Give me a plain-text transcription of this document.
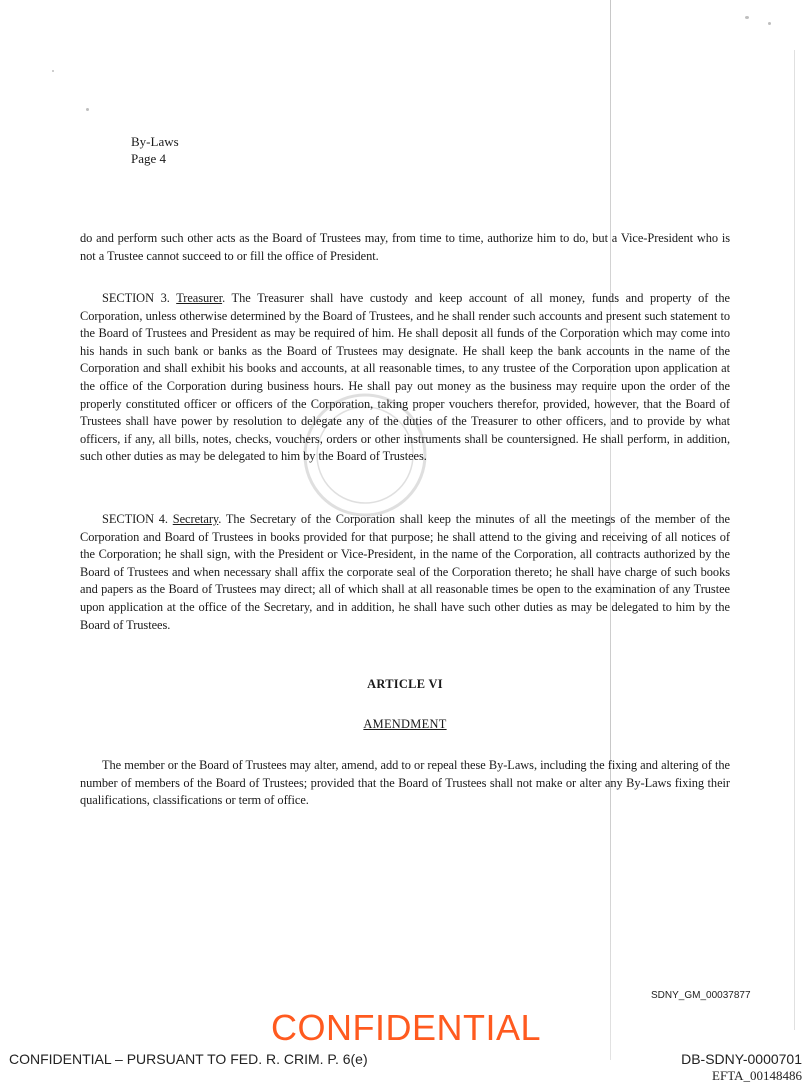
By-Laws
Page 4
do and perform such other acts as the Board of Trustees may, from time to time, authorize him to do, but a Vice-President who is not a Trustee cannot succeed to or fill the office of President.
SECTION 3. Treasurer. The Treasurer shall have custody and keep account of all money, funds and property of the Corporation, unless otherwise determined by the Board of Trustees, and he shall render such accounts and present such statement to the Board of Trustees and President as may be required of him. He shall deposit all funds of the Corporation which may come into his hands in such bank or banks as the Board of Trustees may designate. He shall keep the bank accounts in the name of the Corporation and shall exhibit his books and accounts, at all reasonable times, to any trustee of the Corporation upon application at the office of the Corporation during business hours. He shall pay out money as the business may require upon the order of the properly constituted officer or officers of the Corporation, taking proper vouchers therefor, provided, however, that the Board of Trustees shall have power by resolution to delegate any of the duties of the Treasurer to other officers, and to provide by what officers, if any, all bills, notes, checks, vouchers, orders or other instruments shall be countersigned. He shall perform, in addition, such other duties as may be delegated to him by the Board of Trustees.
SECTION 4. Secretary. The Secretary of the Corporation shall keep the minutes of all the meetings of the member of the Corporation and Board of Trustees in books provided for that purpose; he shall attend to the giving and receiving of all notices of the Corporation; he shall sign, with the President or Vice-President, in the name of the Corporation, all contracts authorized by the Board of Trustees and when necessary shall affix the corporate seal of the Corporation thereto; he shall have charge of such books and papers as the Board of Trustees may direct; all of which shall at all reasonable times be open to the examination of any Trustee upon application at the office of the Secretary, and in addition, he shall have such other duties as may be delegated to him by the Board of Trustees.
ARTICLE VI
AMENDMENT
The member or the Board of Trustees may alter, amend, add to or repeal these By-Laws, including the fixing and altering of the number of members of the Board of Trustees; provided that the Board of Trustees shall not make or alter any By-Laws fixing their qualifications, classifications or term of office.
SDNY_GM_00037877
CONFIDENTIAL
CONFIDENTIAL – PURSUANT TO FED. R. CRIM. P. 6(e)	DB-SDNY-0000701
EFTA_00148486
